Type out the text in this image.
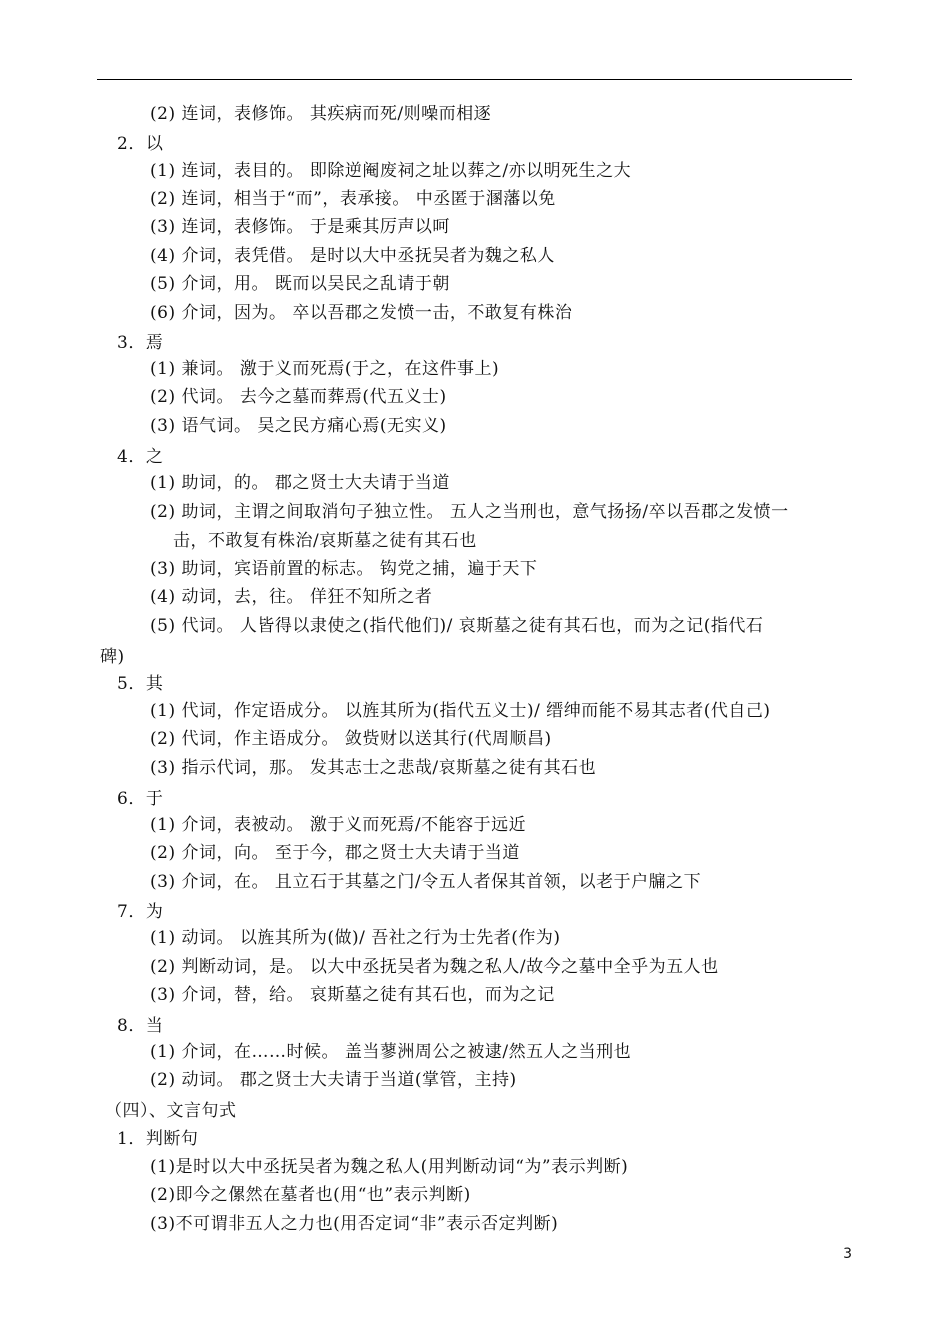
(2) 连词，表修饰。 其疾病而死/则噪而相逐
2．以
(1) 连词，表目的。 即除逆阉废祠之址以葬之/亦以明死生之大
(2) 连词，相当于“而”，表承接。 中丞匿于溷藩以免
(3) 连词，表修饰。 于是乘其厉声以呵
(4) 介词，表凭借。 是时以大中丞抚吴者为魏之私人
(5) 介词，用。 既而以吴民之乱请于朝
(6) 介词，因为。 卒以吾郡之发愤一击，不敢复有株治
3．焉
(1) 兼词。 激于义而死焉(于之，在这件事上)
(2) 代词。 去今之墓而葬焉(代五义士)
(3) 语气词。 吴之民方痛心焉(无实义)
4．之
(1) 助词，的。 郡之贤士大夫请于当道
(2) 助词，主谓之间取消句子独立性。 五人之当刑也，意气扬扬/卒以吾郡之发愤一
击，不敢复有株治/哀斯墓之徒有其石也
(3) 助词，宾语前置的标志。 钩党之捕，遍于天下
(4) 动词，去，往。 佯狂不知所之者
(5) 代词。 人皆得以隶使之(指代他们)/ 哀斯墓之徒有其石也，而为之记(指代石
碑)
5．其
(1) 代词，作定语成分。 以旌其所为(指代五义士)/ 缙绅而能不易其志者(代自己)
(2) 代词，作主语成分。 敛赀财以送其行(代周顺昌)
(3) 指示代词，那。 发其志士之悲哉/哀斯墓之徒有其石也
6．于
(1) 介词，表被动。 激于义而死焉/不能容于远近
(2) 介词，向。 至于今，郡之贤士大夫请于当道
(3) 介词，在。 且立石于其墓之门/令五人者保其首领，以老于户牖之下
7．为
(1) 动词。 以旌其所为(做)/ 吾社之行为士先者(作为)
(2) 判断动词，是。 以大中丞抚吴者为魏之私人/故今之墓中全乎为五人也
(3) 介词，替，给。 哀斯墓之徒有其石也，而为之记
8．当
(1) 介词，在……时候。 盖当蓼洲周公之被逮/然五人之当刑也
(2) 动词。 郡之贤士大夫请于当道(掌管，主持)
（四）、文言句式
1．判断句
(1)是时以大中丞抚吴者为魏之私人(用判断动词“为”表示判断)
(2)即今之傫然在墓者也(用“也”表示判断)
(3)不可谓非五人之力也(用否定词“非”表示否定判断)
3
